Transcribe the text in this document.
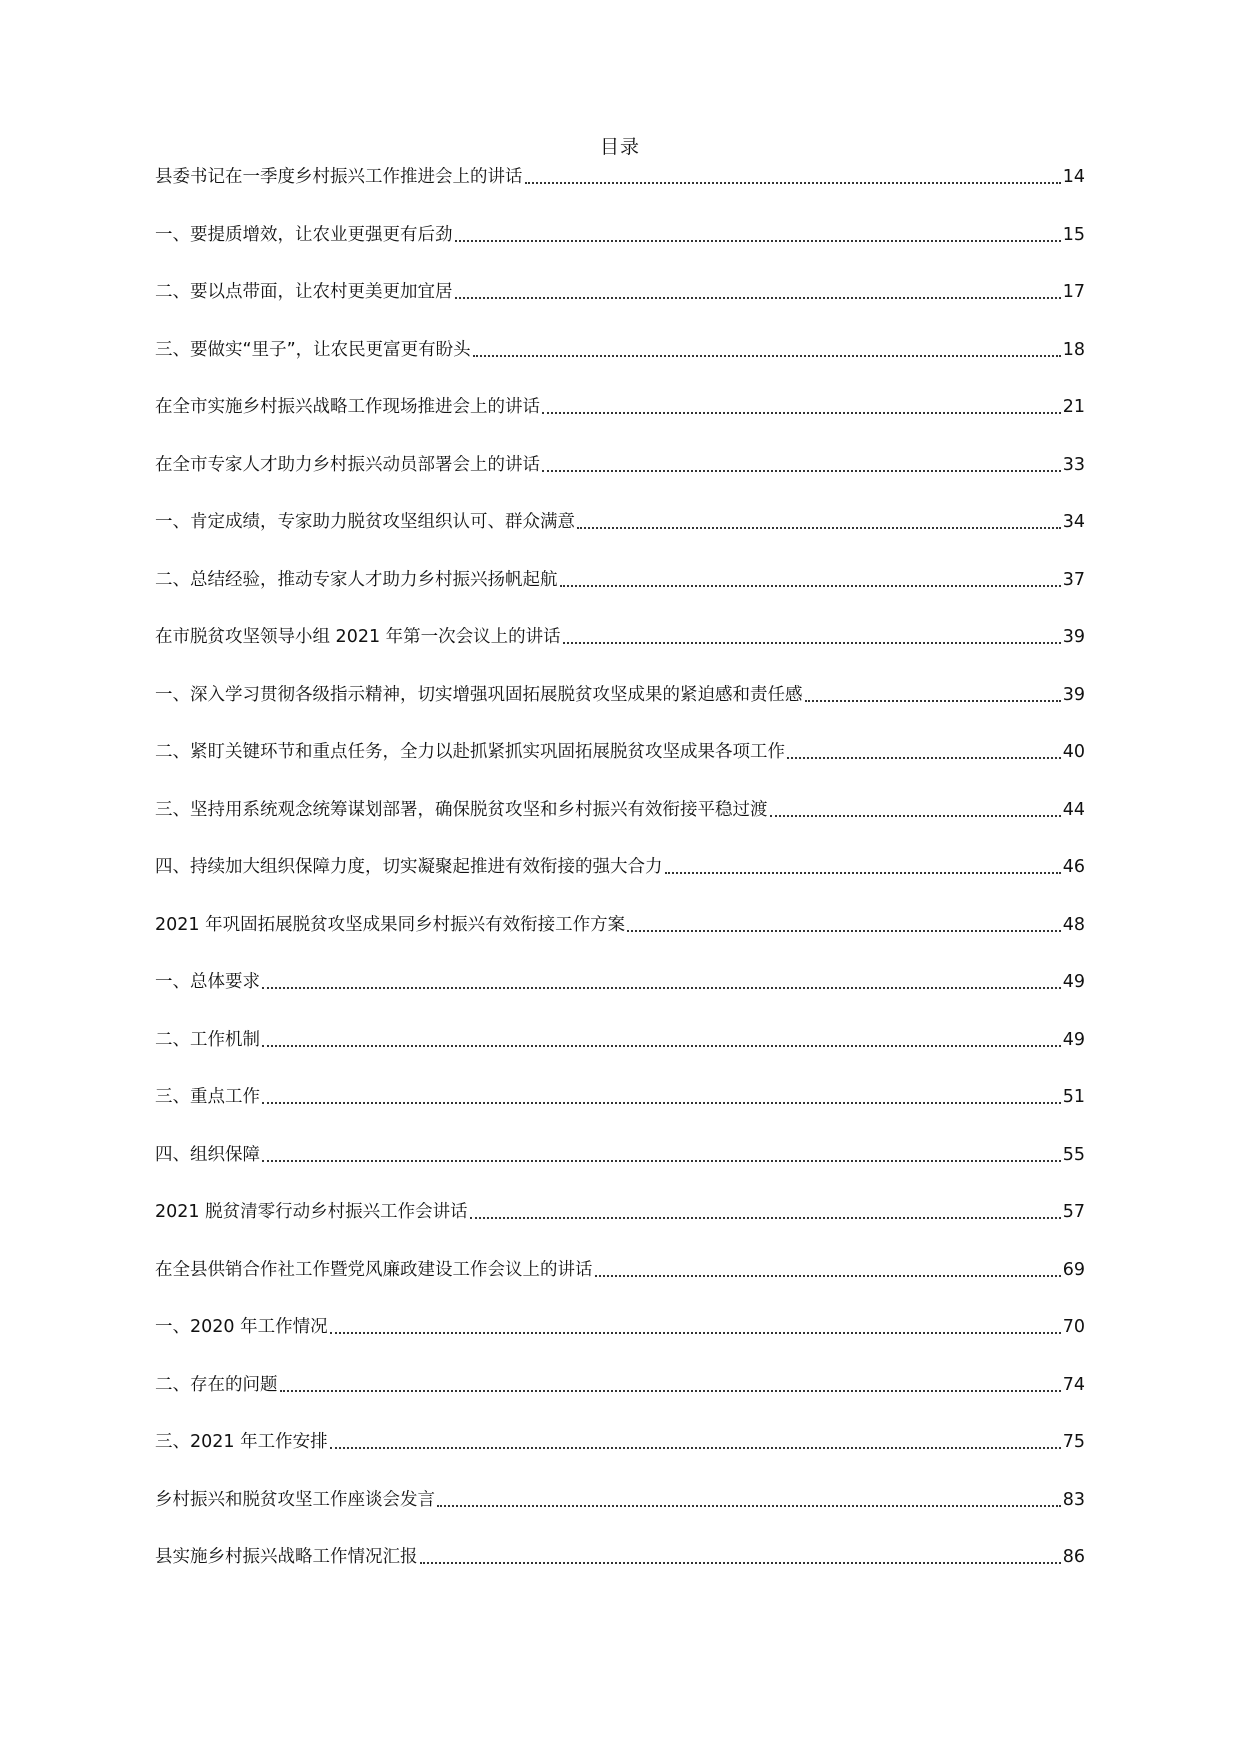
目录
县委书记在一季度乡村振兴工作推进会上的讲话	14
一、要提质增效，让农业更强更有后劲	15
二、要以点带面，让农村更美更加宜居	17
三、要做实“里子”，让农民更富更有盼头	18
在全市实施乡村振兴战略工作现场推进会上的讲话	21
在全市专家人才助力乡村振兴动员部署会上的讲话	33
一、肯定成绩，专家助力脱贫攻坚组织认可、群众满意	34
二、总结经验，推动专家人才助力乡村振兴扬帆起航	37
在市脱贫攻坚领导小组 2021 年第一次会议上的讲话	39
一、深入学习贯彻各级指示精神，切实增强巩固拓展脱贫攻坚成果的紧迫感和责任感	39
二、紧盯关键环节和重点任务，全力以赴抓紧抓实巩固拓展脱贫攻坚成果各项工作	40
三、坚持用系统观念统筹谋划部署，确保脱贫攻坚和乡村振兴有效衔接平稳过渡	44
四、持续加大组织保障力度，切实凝聚起推进有效衔接的强大合力	46
2021 年巩固拓展脱贫攻坚成果同乡村振兴有效衔接工作方案	48
一、总体要求	49
二、工作机制	49
三、重点工作	51
四、组织保障	55
2021 脱贫清零行动乡村振兴工作会讲话	57
在全县供销合作社工作暨党风廉政建设工作会议上的讲话	69
一、2020 年工作情况	70
二、存在的问题	74
三、2021 年工作安排	75
乡村振兴和脱贫攻坚工作座谈会发言	83
县实施乡村振兴战略工作情况汇报	86
